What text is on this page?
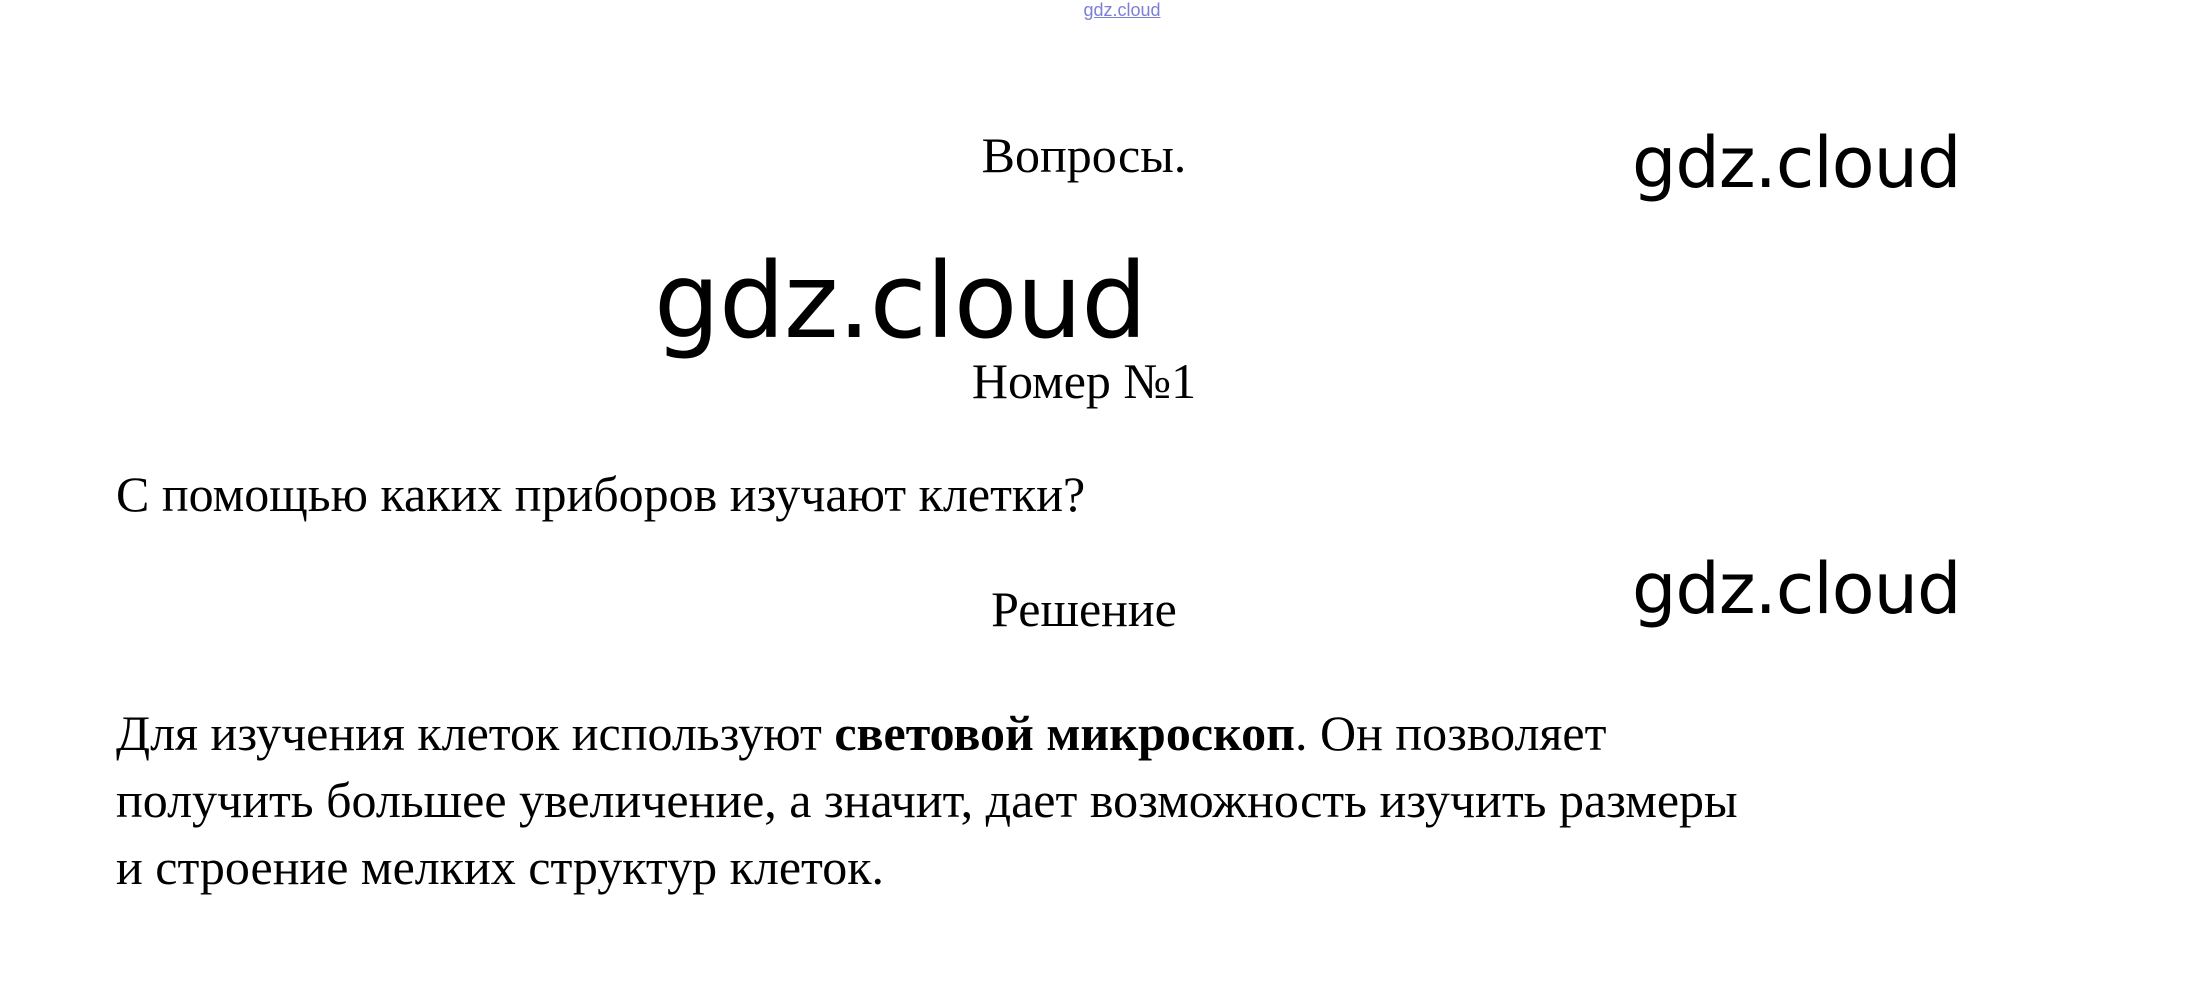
gdz.cloud
gdz.cloud
gdz.cloud
gdz.cloud
Вопросы.
Номер №1
С помощью каких приборов изучают клетки?
Решение
Для изучения клеток используют световой микроскоп. Он позволяет
получить большее увеличение, а значит, дает возможность изучить размеры
и строение мелких структур клеток.
